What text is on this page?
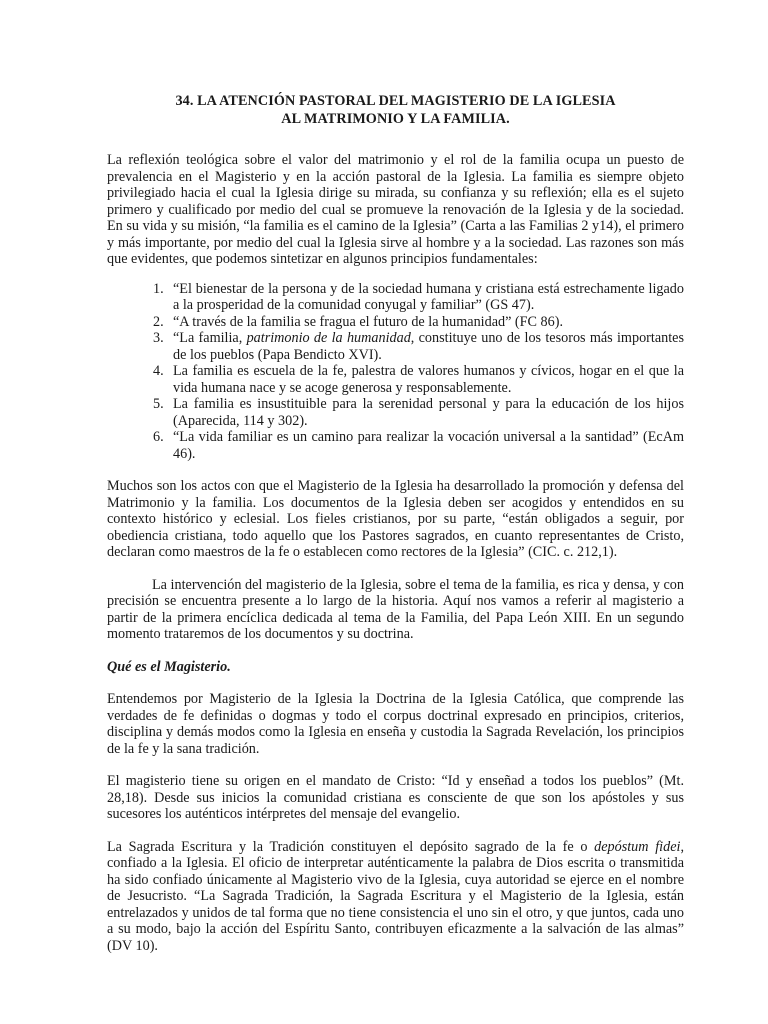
34. LA ATENCIÓN PASTORAL DEL MAGISTERIO DE LA IGLESIA
AL MATRIMONIO Y LA FAMILIA.

La reflexión teológica sobre el valor del matrimonio y el rol de la familia ocupa un puesto de prevalencia en el Magisterio y en la acción pastoral de la Iglesia. La familia es siempre objeto privilegiado hacia el cual la Iglesia dirige su mirada, su confianza y su reflexión; ella es el sujeto primero y cualificado por medio del cual se promueve la renovación de la Iglesia y de la sociedad. En su vida y su misión, “la familia es el camino de la Iglesia” (Carta a las Familias 2 y14), el primero y más importante, por medio del cual la Iglesia sirve al hombre y a la sociedad. Las razones son más que evidentes, que podemos sintetizar en algunos principios fundamentales:

1. “El bienestar de la persona y de la sociedad humana y cristiana está estrechamente ligado a la prosperidad de la comunidad conyugal y familiar” (GS 47).
2. “A través de la familia se fragua el futuro de la humanidad” (FC 86).
3. “La familia, patrimonio de la humanidad, constituye uno de los tesoros más importantes de los pueblos (Papa Bendicto XVI).
4. La familia es escuela de la fe, palestra de valores humanos y cívicos, hogar en el que la vida humana nace y se acoge generosa y responsablemente.
5. La familia es insustituible para la serenidad personal y para la educación de los hijos (Aparecida, 114 y 302).
6. “La vida familiar es un camino para realizar la vocación universal a la santidad” (EcAm 46).

Muchos son los actos con que el Magisterio de la Iglesia ha desarrollado la promoción y defensa del Matrimonio y la familia. Los documentos de la Iglesia deben ser acogidos y entendidos en su contexto histórico y eclesial. Los fieles cristianos, por su parte, “están obligados a seguir, por obediencia cristiana, todo aquello que los Pastores sagrados, en cuanto representantes de Cristo, declaran como maestros de la fe o establecen como rectores de la Iglesia” (CIC. c. 212,1).

La intervención del magisterio de la Iglesia, sobre el tema de la familia, es rica y densa, y con precisión se encuentra presente a lo largo de la historia. Aquí nos vamos a referir al magisterio a partir de la primera encíclica dedicada al tema de la Familia, del Papa León XIII. En un segundo momento trataremos de los documentos y su doctrina.

Qué es el Magisterio.

Entendemos por Magisterio de la Iglesia la Doctrina de la Iglesia Católica, que comprende las verdades de fe definidas o dogmas y todo el corpus doctrinal expresado en principios, criterios, disciplina y demás modos como la Iglesia en enseña y custodia la Sagrada Revelación, los principios de la fe y la sana tradición.

El magisterio tiene su origen en el mandato de Cristo: “Id y enseñad a todos los pueblos” (Mt. 28,18). Desde sus inicios la comunidad cristiana es consciente de que son los apóstoles y sus sucesores los auténticos intérpretes del mensaje del evangelio.

La Sagrada Escritura y la Tradición constituyen el depósito sagrado de la fe o depóstum fidei, confiado a la Iglesia. El oficio de interpretar auténticamente la palabra de Dios escrita o transmitida ha sido confiado únicamente al Magisterio vivo de la Iglesia, cuya autoridad se ejerce en el nombre de Jesucristo. “La Sagrada Tradición, la Sagrada Escritura y el Magisterio de la Iglesia, están entrelazados y unidos de tal forma que no tiene consistencia el uno sin el otro, y que juntos, cada uno a su modo, bajo la acción del Espíritu Santo, contribuyen eficazmente a la salvación de las almas” (DV 10).
